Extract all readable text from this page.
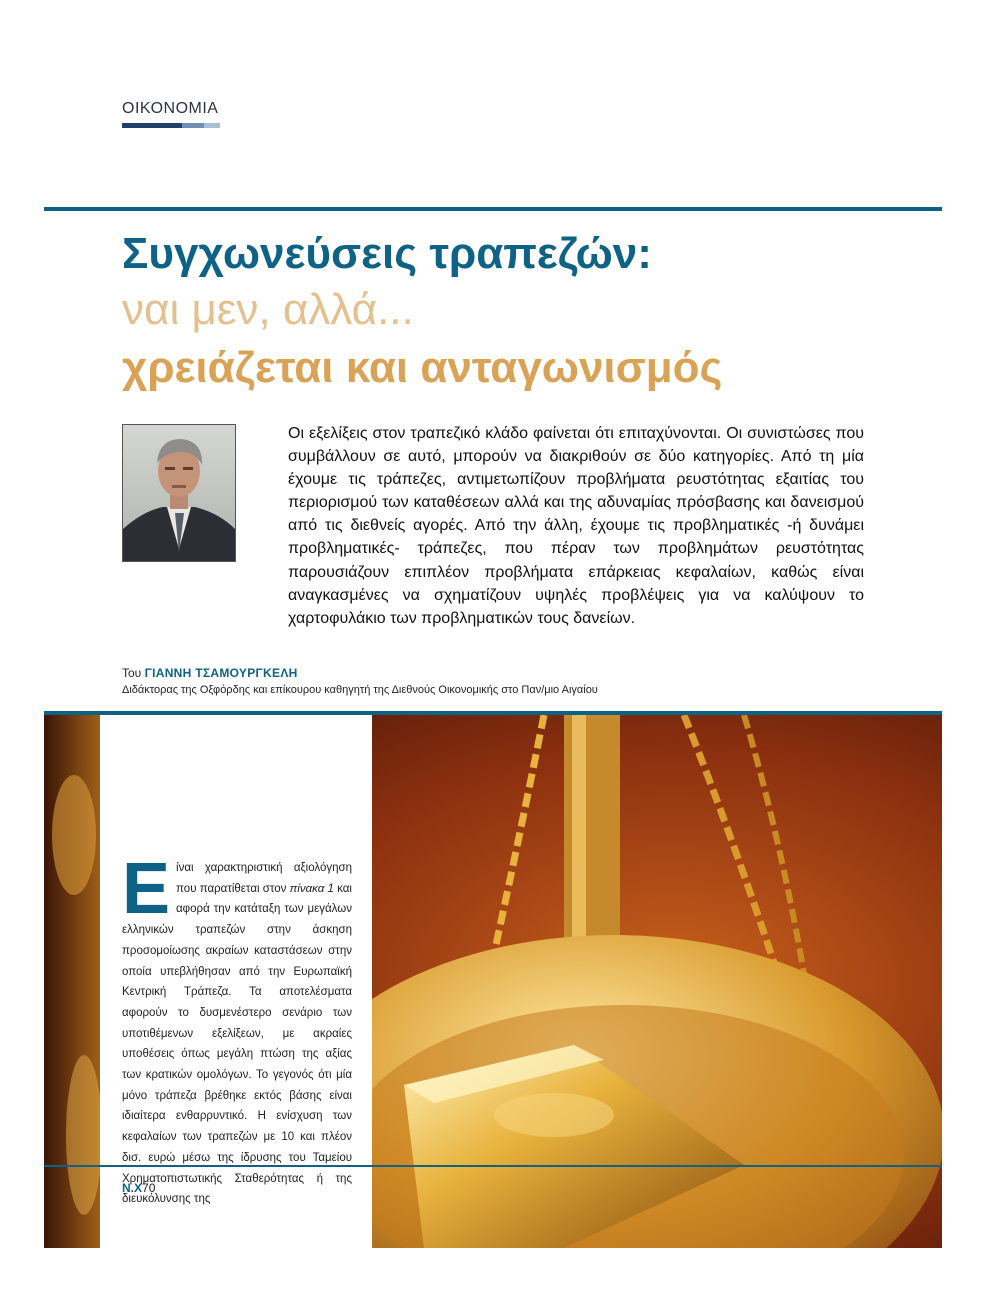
ΟΙΚΟΝΟΜΙΑ
Συγχωνεύσεις τραπεζών:
ναι μεν, αλλά...
χρειάζεται και ανταγωνισμός
Οι εξελίξεις στον τραπεζικό κλάδο φαίνεται ότι επιταχύνονται. Οι συνιστώσες που συμβάλλουν σε αυτό, μπορούν να διακριθούν σε δύο κατηγορίες. Από τη μία έχουμε τις τράπεζες, αντιμετωπίζουν προβλήματα ρευστότητας εξαιτίας του περιορισμού των καταθέσεων αλλά και της αδυναμίας πρόσβασης και δανεισμού από τις διεθνείς αγορές. Από την άλλη, έχουμε τις προβληματικές -ή δυνάμει προβληματικές- τράπεζες, που πέραν των προβλημάτων ρευστότητας παρουσιάζουν επιπλέον προβλήματα επάρκειας κεφαλαίων, καθώς είναι αναγκασμένες να σχηματίζουν υψηλές προβλέψεις για να καλύψουν το χαρτοφυλάκιο των προβληματικών τους δανείων.
Του ΓΙΑΝΝΗ ΤΣΑΜΟΥΡΓΚΕΛΗ
Διδάκτορας της Οξφόρδης και επίκουρου καθηγητή της Διεθνούς Οικονομικής στο Παν/μιο Αιγαίου
Είναι χαρακτηριστική αξιολόγηση που παρατίθεται στον πίνακα 1 και αφορά την κατάταξη των μεγάλων ελληνικών τραπεζών στην άσκηση προσομοίωσης ακραίων καταστάσεων στην οποία υπεβλήθησαν από την Ευρωπαϊκή Κεντρική Τράπεζα. Τα αποτελέσματα αφορούν το δυσμενέστερο σενάριο των υποτιθέμενων εξελίξεων, με ακραίες υποθέσεις όπως μεγάλη πτώση της αξίας των κρατικών ομολόγων. Το γεγονός ότι μία μόνο τράπεζα βρέθηκε εκτός βάσης είναι ιδιαίτερα ενθαρρυντικό. Η ενίσχυση των κεφαλαίων των τραπεζών με 10 και πλέον δισ. ευρώ μέσω της ίδρυσης του Ταμείου Χρηματοπιστωτικής Σταθερότητας ή της διευκόλυνσης της
Ν.Χ70
